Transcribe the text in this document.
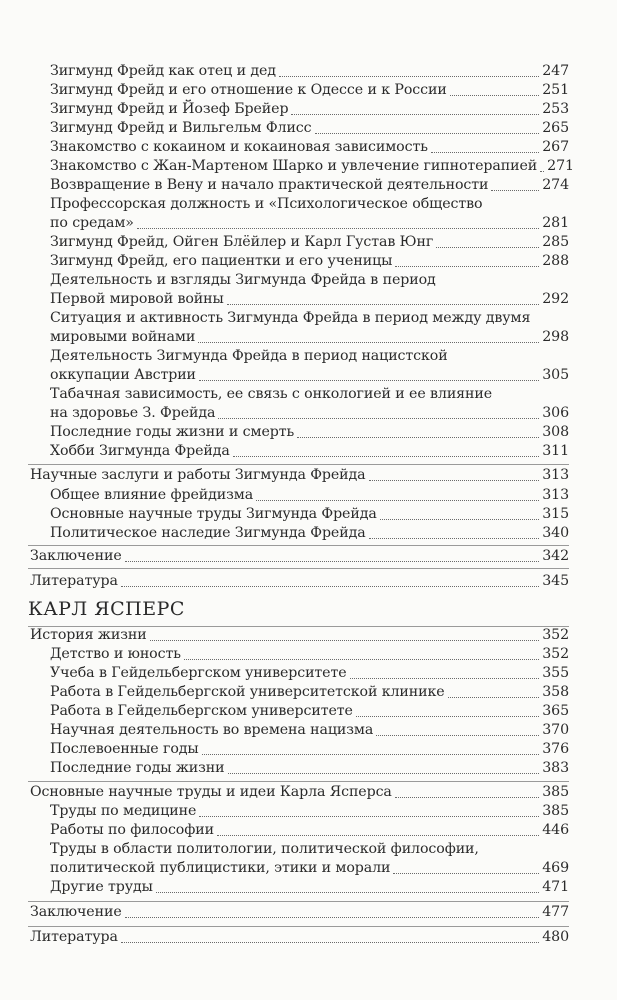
Зигмунд Фрейд как отец и дед	247
Зигмунд Фрейд и его отношение к Одессе и к России	251
Зигмунд Фрейд и Йозеф Брейер	253
Зигмунд Фрейд и Вильгельм Флисс	265
Знакомство с кокаином и кокаиновая зависимость	267
Знакомство с Жан-Мартеном Шарко и увлечение гипнотерапией 271
Возвращение в Вену и начало практической деятельности	274
Профессорская должность и «Психологическое общество
по средам»	281
Зигмунд Фрейд, Ойген Блёйлер и Карл Густав Юнг	285
Зигмунд Фрейд, его пациентки и его ученицы	288
Деятельность и взгляды Зигмунда Фрейда в период
Первой мировой войны	292
Ситуация и активность Зигмунда Фрейда в период между двумя
мировыми войнами	298
Деятельность Зигмунда Фрейда в период нацистской
оккупации Австрии	305
Табачная зависимость, ее связь с онкологией и ее влияние
на здоровье З. Фрейда	306
Последние годы жизни и смерть	308
Хобби Зигмунда Фрейда	311
Научные заслуги и работы Зигмунда Фрейда	313
Общее влияние фрейдизма	313
Основные научные труды Зигмунда Фрейда	315
Политическое наследие Зигмунда Фрейда	340
Заключение	342
Литература	345
КАРЛ ЯСПЕРС
История жизни	352
Детство и юность	352
Учеба в Гейдельбергском университете	355
Работа в Гейдельбергской университетской клинике	358
Работа в Гейдельбергском университете	365
Научная деятельность во времена нацизма	370
Послевоенные годы	376
Последние годы жизни	383
Основные научные труды и идеи Карла Ясперса	385
Труды по медицине	385
Работы по философии	446
Труды в области политологии, политической философии,
политической публицистики, этики и морали	469
Другие труды	471
Заключение	477
Литература	480
